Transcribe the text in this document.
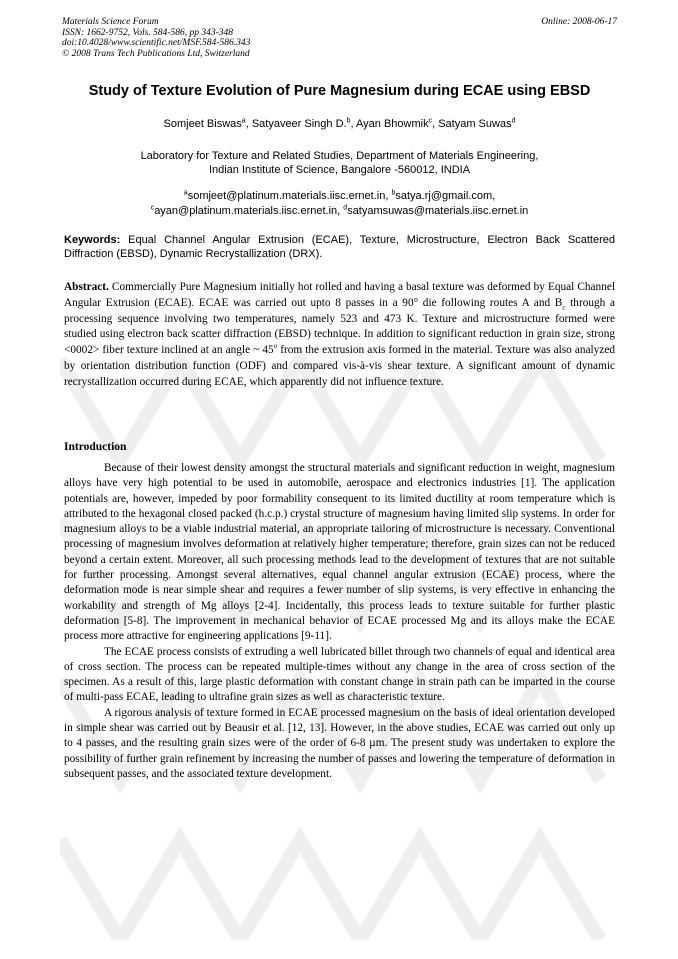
Materials Science Forum
ISSN: 1662-9752, Vols. 584-586, pp 343-348
doi:10.4028/www.scientific.net/MSF.584-586.343
© 2008 Trans Tech Publications Ltd, Switzerland
Online: 2008-06-17
Study of Texture Evolution of Pure Magnesium during ECAE using EBSD
Somjeet Biswas$^a$, Satyaveer Singh D.$^b$, Ayan Bhowmik$^c$, Satyam Suwas$^d$
Laboratory for Texture and Related Studies, Department of Materials Engineering,
Indian Institute of Science, Bangalore -560012, INDIA
$^a$somjeet@platinum.materials.iisc.ernet.in, $^b$satya.rj@gmail.com,
$^c$ayan@platinum.materials.iisc.ernet.in, $^d$satyamsuwas@materials.iisc.ernet.in
Keywords: Equal Channel Angular Extrusion (ECAE), Texture, Microstructure, Electron Back Scattered Diffraction (EBSD), Dynamic Recrystallization (DRX).
Abstract. Commercially Pure Magnesium initially hot rolled and having a basal texture was deformed by Equal Channel Angular Extrusion (ECAE). ECAE was carried out upto 8 passes in a 90° die following routes A and $B_c$ through a processing sequence involving two temperatures, namely 523 and 473 K. Texture and microstructure formed were studied using electron back scatter diffraction (EBSD) technique. In addition to significant reduction in grain size, strong <0002> fiber texture inclined at an angle ~ 45$^o$ from the extrusion axis formed in the material. Texture was also analyzed by orientation distribution function (ODF) and compared vis-à-vis shear texture. A significant amount of dynamic recrystallization occurred during ECAE, which apparently did not influence texture.
Introduction

Because of their lowest density amongst the structural materials and significant reduction in weight, magnesium alloys have very high potential to be used in automobile, aerospace and electronics industries [1]. The application potentials are, however, impeded by poor formability consequent to its limited ductility at room temperature which is attributed to the hexagonal closed packed (h.c.p.) crystal structure of magnesium having limited slip systems. In order for magnesium alloys to be a viable industrial material, an appropriate tailoring of microstructure is necessary. Conventional processing of magnesium involves deformation at relatively higher temperature; therefore, grain sizes can not be reduced beyond a certain extent. Moreover, all such processing methods lead to the development of textures that are not suitable for further processing. Amongst several alternatives, equal channel angular extrusion (ECAE) process, where the deformation mode is near simple shear and requires a fewer number of slip systems, is very effective in enhancing the workability and strength of Mg alloys [2-4]. Incidentally, this process leads to texture suitable for further plastic deformation [5-8]. The improvement in mechanical behavior of ECAE processed Mg and its alloys make the ECAE process more attractive for engineering applications [9-11].

The ECAE process consists of extruding a well lubricated billet through two channels of equal and identical area of cross section. The process can be repeated multiple-times without any change in the area of cross section of the specimen. As a result of this, large plastic deformation with constant change in strain path can be imparted in the course of multi-pass ECAE, leading to ultrafine grain sizes as well as characteristic texture.

A rigorous analysis of texture formed in ECAE processed magnesium on the basis of ideal orientation developed in simple shear was carried out by Beausir et al. [12, 13]. However, in the above studies, ECAE was carried out only up to 4 passes, and the resulting grain sizes were of the order of 6-8 µm. The present study was undertaken to explore the possibility of further grain refinement by increasing the number of passes and lowering the temperature of deformation in subsequent passes, and the associated texture development.
